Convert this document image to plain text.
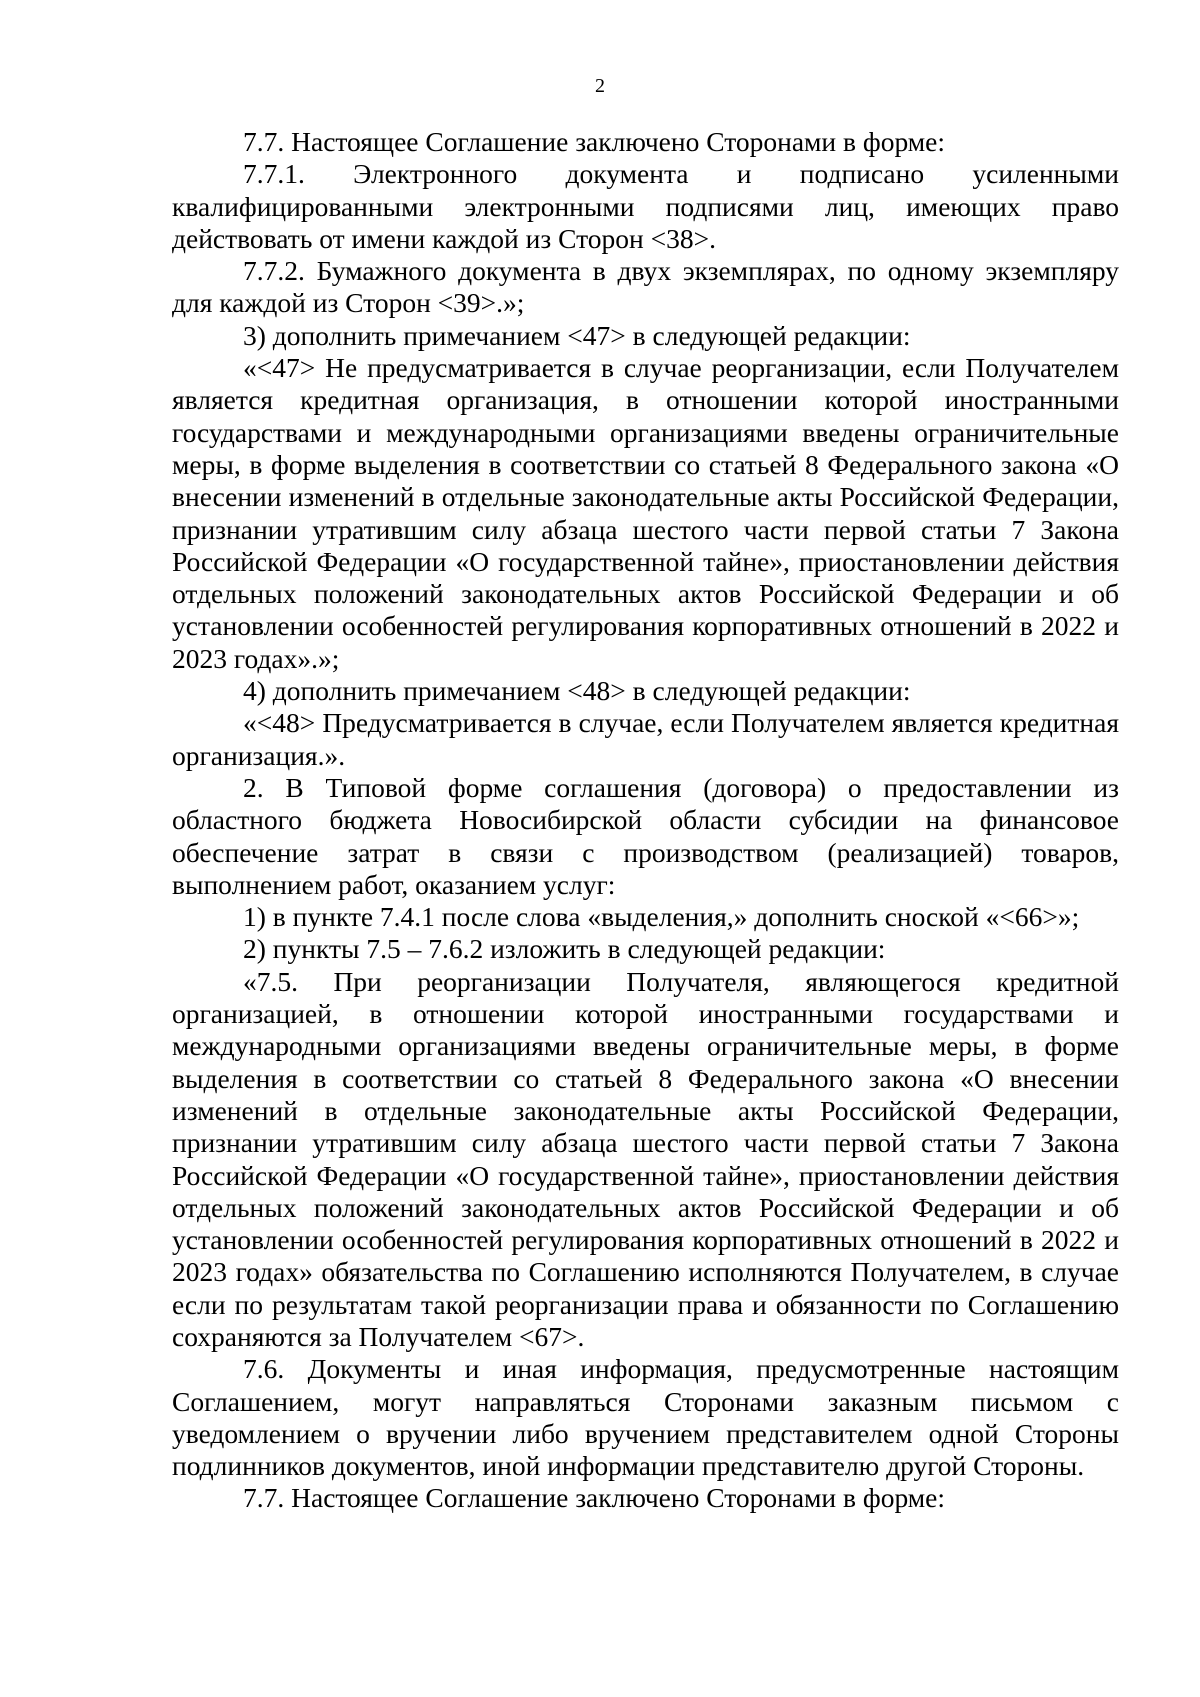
2

7.7. Настоящее Соглашение заключено Сторонами в форме:

7.7.1. Электронного документа и подписано усиленными квалифицированными электронными подписями лиц, имеющих право действовать от имени каждой из Сторон <38>.

7.7.2. Бумажного документа в двух экземплярах, по одному экземпляру для каждой из Сторон <39>.»;

3) дополнить примечанием <47> в следующей редакции:

«<47> Не предусматривается в случае реорганизации, если Получателем является кредитная организация, в отношении которой иностранными государствами и международными организациями введены ограничительные меры, в форме выделения в соответствии со статьей 8 Федерального закона «О внесении изменений в отдельные законодательные акты Российской Федерации, признании утратившим силу абзаца шестого части первой статьи 7 Закона Российской Федерации «О государственной тайне», приостановлении действия отдельных положений законодательных актов Российской Федерации и об установлении особенностей регулирования корпоративных отношений в 2022 и 2023 годах».»;

4) дополнить примечанием <48> в следующей редакции:

«<48> Предусматривается в случае, если Получателем является кредитная организация.».

2. В Типовой форме соглашения (договора) о предоставлении из областного бюджета Новосибирской области субсидии на финансовое обеспечение затрат в связи с производством (реализацией) товаров, выполнением работ, оказанием услуг:

1) в пункте 7.4.1 после слова «выделения,» дополнить сноской «<66>»;

2) пункты 7.5 – 7.6.2 изложить в следующей редакции:

«7.5. При реорганизации Получателя, являющегося кредитной организацией, в отношении которой иностранными государствами и международными организациями введены ограничительные меры, в форме выделения в соответствии со статьей 8 Федерального закона «О внесении изменений в отдельные законодательные акты Российской Федерации, признании утратившим силу абзаца шестого части первой статьи 7 Закона Российской Федерации «О государственной тайне», приостановлении действия отдельных положений законодательных актов Российской Федерации и об установлении особенностей регулирования корпоративных отношений в 2022 и 2023 годах» обязательства по Соглашению исполняются Получателем, в случае если по результатам такой реорганизации права и обязанности по Соглашению сохраняются за Получателем <67>.

7.6. Документы и иная информация, предусмотренные настоящим Соглашением, могут направляться Сторонами заказным письмом с уведомлением о вручении либо вручением представителем одной Стороны подлинников документов, иной информации представителю другой Стороны.

7.7. Настоящее Соглашение заключено Сторонами в форме:
